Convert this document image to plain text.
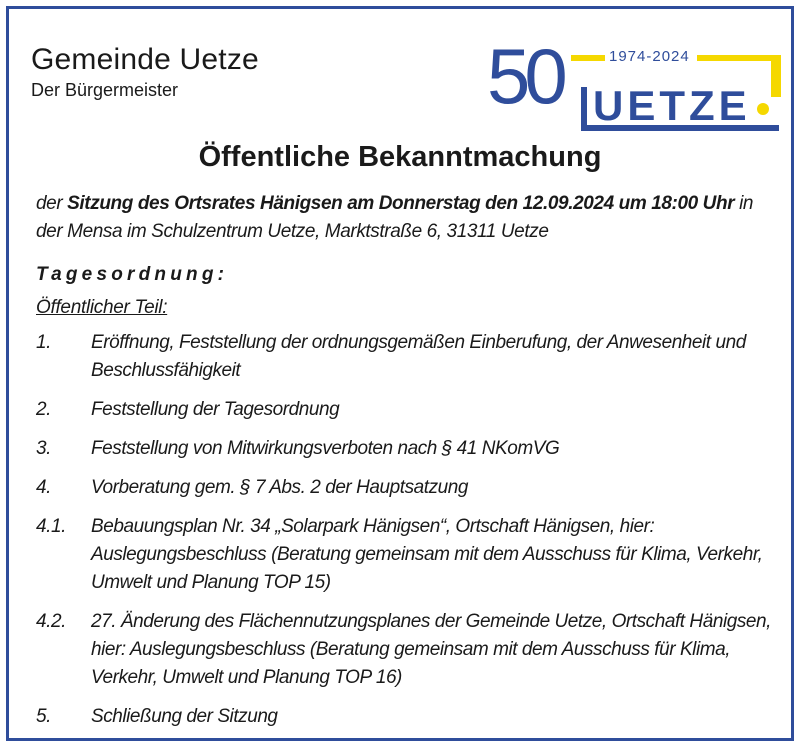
Gemeinde Uetze
Der Bürgermeister	50	1974-2024
UETZE
Öffentliche Bekanntmachung
der Sitzung des Ortsrates Hänigsen am Donnerstag den 12.09.2024 um 18:00 Uhr in der Mensa im Schulzentrum Uetze, Marktstraße 6, 31311 Uetze
Tagesordnung:
Öffentlicher Teil:
1.	Eröffnung, Feststellung der ordnungsgemäßen Einberufung, der Anwesenheit und Beschlussfähigkeit
2.	Feststellung der Tagesordnung
3.	Feststellung von Mitwirkungsverboten nach § 41 NKomVG
4.	Vorberatung gem. § 7 Abs. 2 der Hauptsatzung
4.1.	Bebauungsplan Nr. 34 „Solarpark Hänigsen“, Ortschaft Hänigsen, hier: Auslegungsbeschluss (Beratung gemeinsam mit dem Ausschuss für Klima, Verkehr, Umwelt und Planung TOP 15)
4.2.	27. Änderung des Flächennutzungsplanes der Gemeinde Uetze, Ortschaft Hänigsen, hier: Auslegungsbeschluss (Beratung gemeinsam mit dem Ausschuss für Klima, Verkehr, Umwelt und Planung TOP 16)
5.	Schließung der Sitzung
